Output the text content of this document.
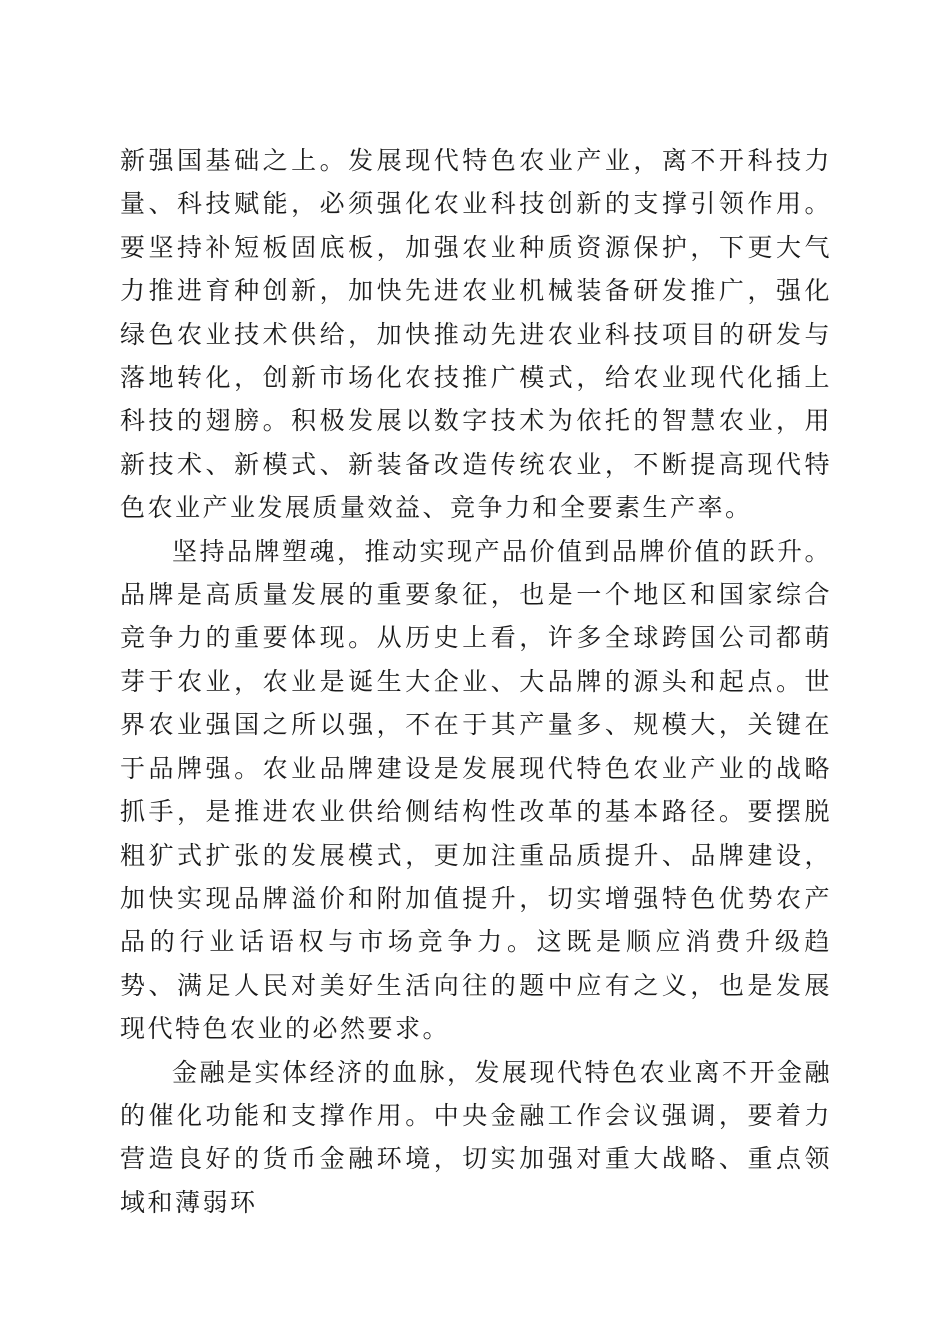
新强国基础之上。发展现代特色农业产业，离不开科技力量、科技赋能，必须强化农业科技创新的支撑引领作用。要坚持补短板固底板，加强农业种质资源保护，下更大气力推进育种创新，加快先进农业机械装备研发推广，强化绿色农业技术供给，加快推动先进农业科技项目的研发与落地转化，创新市场化农技推广模式，给农业现代化插上科技的翅膀。积极发展以数字技术为依托的智慧农业，用新技术、新模式、新装备改造传统农业，不断提高现代特色农业产业发展质量效益、竞争力和全要素生产率。

坚持品牌塑魂，推动实现产品价值到品牌价值的跃升。品牌是高质量发展的重要象征，也是一个地区和国家综合竞争力的重要体现。从历史上看，许多全球跨国公司都萌芽于农业，农业是诞生大企业、大品牌的源头和起点。世界农业强国之所以强，不在于其产量多、规模大，关键在于品牌强。农业品牌建设是发展现代特色农业产业的战略抓手，是推进农业供给侧结构性改革的基本路径。要摆脱粗犷式扩张的发展模式，更加注重品质提升、品牌建设，加快实现品牌溢价和附加值提升，切实增强特色优势农产品的行业话语权与市场竞争力。这既是顺应消费升级趋势、满足人民对美好生活向往的题中应有之义，也是发展现代特色农业的必然要求。

金融是实体经济的血脉，发展现代特色农业离不开金融的催化功能和支撑作用。中央金融工作会议强调，要着力营造良好的货币金融环境，切实加强对重大战略、重点领域和薄弱环
